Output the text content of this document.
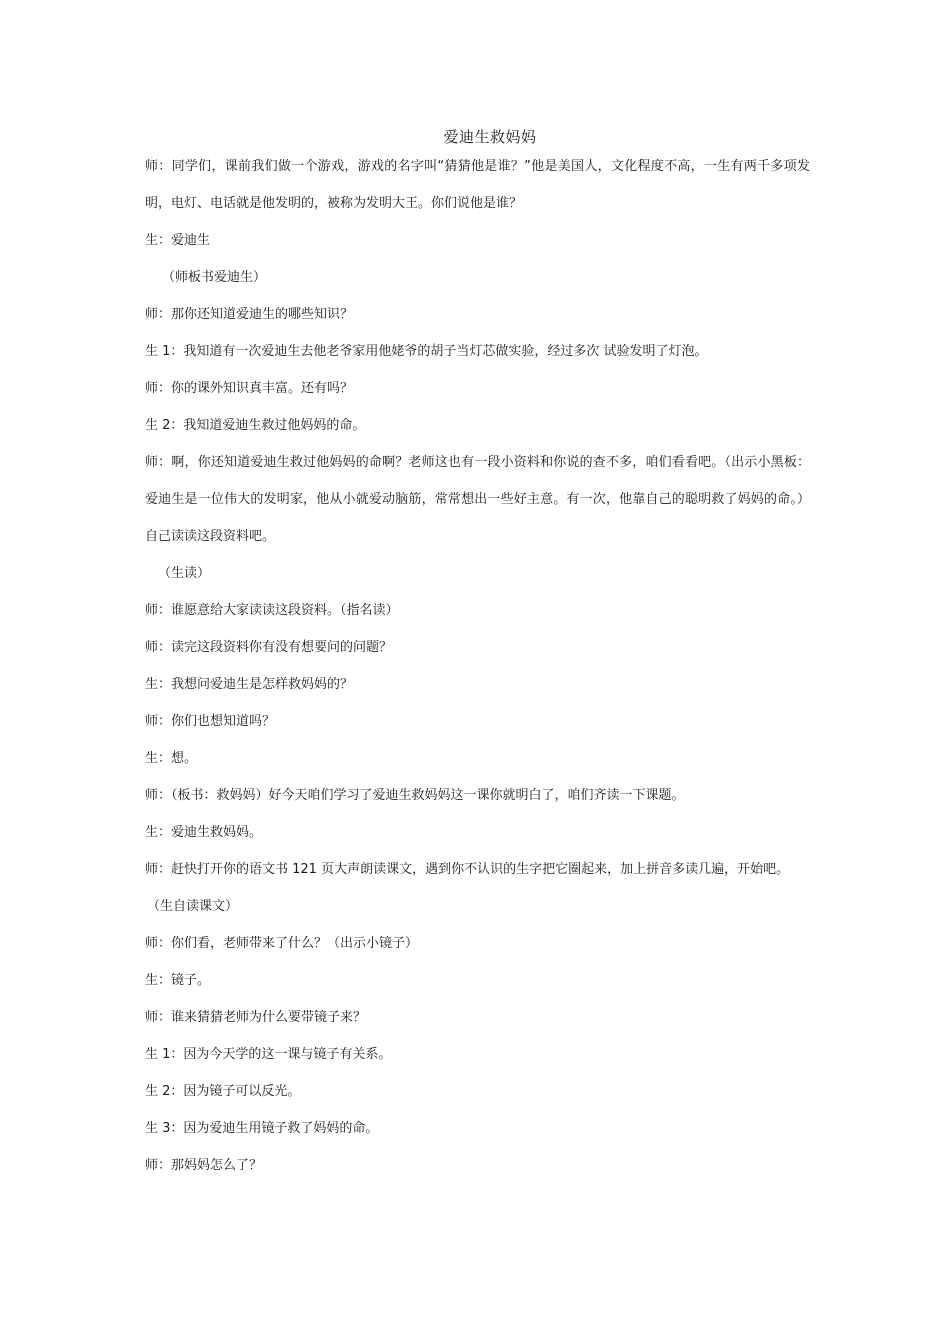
爱迪生救妈妈

师：同学们，课前我们做一个游戏，游戏的名字叫“猜猜他是谁？”他是美国人，文化程度不高，一生有两千多项发明，电灯、电话就是他发明的，被称为发明大王。你们说他是谁？

生：爱迪生

（师板书爱迪生）

师：那你还知道爱迪生的哪些知识？

生 1：我知道有一次爱迪生去他老爷家用他姥爷的胡子当灯芯做实验，经过多次 试验发明了灯泡。

师：你的课外知识真丰富。还有吗？

生 2：我知道爱迪生救过他妈妈的命。

师：啊，你还知道爱迪生救过他妈妈的命啊？老师这也有一段小资料和你说的查不多，咱们看看吧。（出示小黑板：爱迪生是一位伟大的发明家，他从小就爱动脑筋，常常想出一些好主意。有一次，他靠自己的聪明救了妈妈的命。）自己读读这段资料吧。

（生读）

师：谁愿意给大家读读这段资料。（指名读）

师：读完这段资料你有没有想要问的问题？

生：我想问爱迪生是怎样救妈妈的？

师：你们也想知道吗？

生：想。

师：（板书：救妈妈）好今天咱们学习了爱迪生救妈妈这一课你就明白了，咱们齐读一下课题。

生：爱迪生救妈妈。

师：赶快打开你的语文书 121 页大声朗读课文，遇到你不认识的生字把它圈起来，加上拼音多读几遍，开始吧。

（生自读课文）

师：你们看，老师带来了什么？（出示小镜子）

生：镜子。

师：谁来猜猜老师为什么要带镜子来？

生 1：因为今天学的这一课与镜子有关系。

生 2：因为镜子可以反光。

生 3：因为爱迪生用镜子救了妈妈的命。

师：那妈妈怎么了？
